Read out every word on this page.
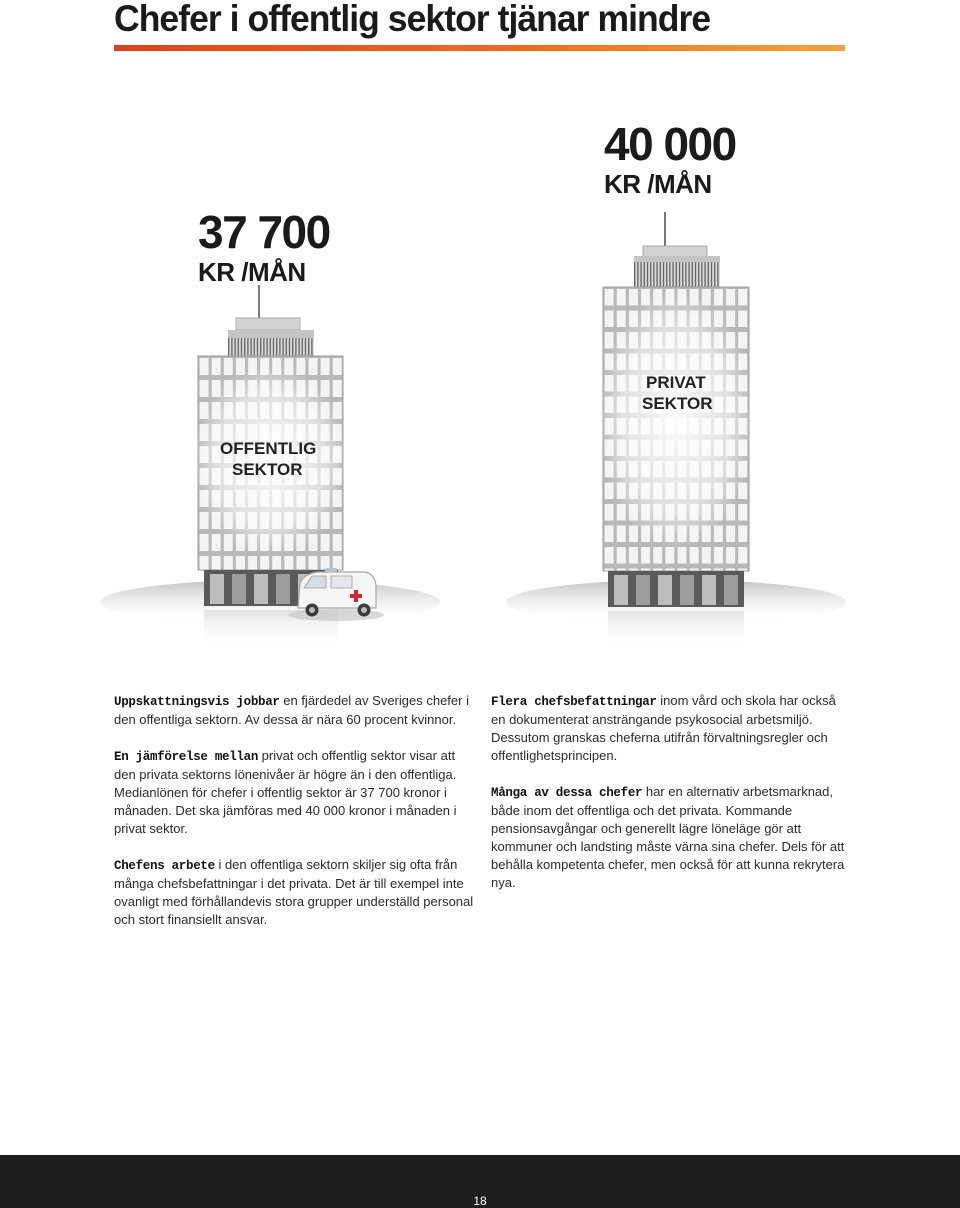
Chefer i offentlig sektor tjänar mindre
37 700
KR /MÅN
40 000
KR /MÅN
OFFENTLIG
SEKTOR
PRIVAT
SEKTOR

Uppskattningsvis jobbar en fjärdedel av Sveriges chefer i den offentliga sektorn. Av dessa är nära 60 procent kvinnor.

En jämförelse mellan privat och offentlig sektor visar att den privata sektorns lönenivåer är högre än i den offentliga. Medianlönen för chefer i offentlig sektor är 37 700 kronor i månaden. Det ska jämföras med 40 000 kronor i månaden i privat sektor.

Chefens arbete i den offentliga sektorn skiljer sig ofta från många chefsbefattningar i det privata. Det är till exempel inte ovanligt med förhållandevis stora grupper underställd personal och stort finansiellt ansvar.

Flera chefsbefattningar inom vård och skola har också en dokumenterat ansträngande psykosocial arbetsmiljö. Dessutom granskas cheferna utifrån förvaltningsregler och offentlighetsprincipen.

Många av dessa chefer har en alternativ arbetsmarknad, både inom det offentliga och det privata. Kommande pensionsavgångar och generellt lägre löneläge gör att kommuner och landsting måste värna sina chefer. Dels för att behålla kompetenta chefer, men också för att kunna rekrytera nya.

18
